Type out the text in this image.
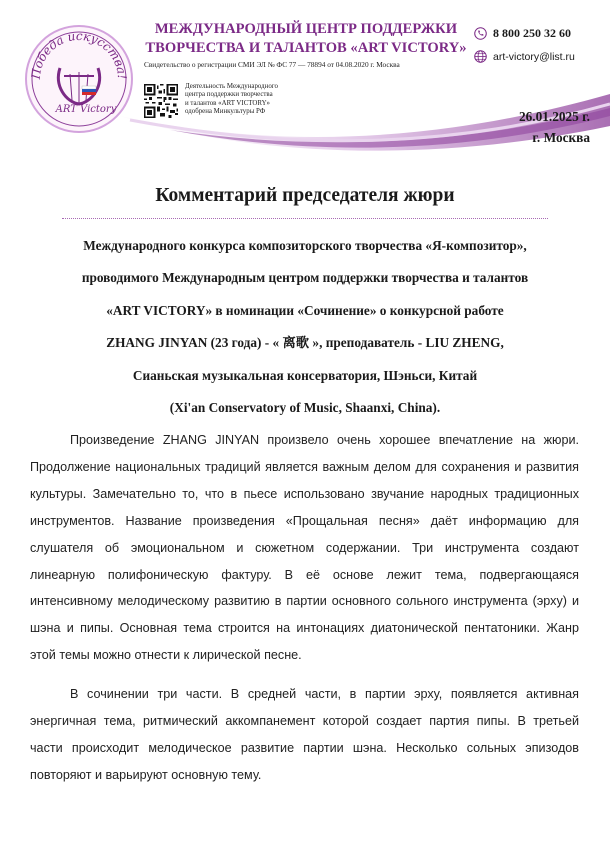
Победа искусства!
ART Victory
МЕЖДУНАРОДНЫЙ ЦЕНТР ПОДДЕРЖКИ
ТВОРЧЕСТВА И ТАЛАНТОВ «ART VICTORY»
Свидетельство о регистрации СМИ ЭЛ № ФС 77 — 78894 от 04.08.2020 г. Москва
Деятельность Международного
центра поддержки творчества
и талантов «ART VICTORY»
одобрена Минкультуры РФ
8 800 250 32 60
art-victory@list.ru
26.01.2025 г.
г. Москва
Комментарий председателя жюри

Международного конкурса композиторского творчества «Я-композитор»,

проводимого Международным центром поддержки творчества и талантов

«ART VICTORY» в номинации «Сочинение» о конкурсной работе

ZHANG JINYAN (23 года) - « 离歌 », преподаватель - LIU ZHENG,

Сианьская музыкальная консерватория, Шэньси, Китай

(Xi'an Conservatory of Music, Shaanxi, China).

Произведение ZHANG JINYAN произвело очень хорошее впечатление на жюри. Продолжение национальных традиций является важным делом для сохранения и развития культуры. Замечательно то, что в пьесе использовано звучание народных традиционных инструментов. Название произведения «Прощальная песня» даёт информацию для слушателя об эмоциональном и сюжетном содержании. Три инструмента создают линеарную полифоническую фактуру. В её основе лежит тема, подвергающаяся интенсивному мелодическому развитию в партии основного сольного инструмента (эрху) и шэна и пипы. Основная тема строится на интонациях диатонической пентатоники. Жанр этой темы можно отнести к лирической песне.

В сочинении три части. В средней части, в партии эрху, появляется активная энергичная тема, ритмический аккомпанемент которой создает партия пипы. В третьей части происходит мелодическое развитие партии шэна. Несколько сольных эпизодов повторяют и варьируют основную тему.
